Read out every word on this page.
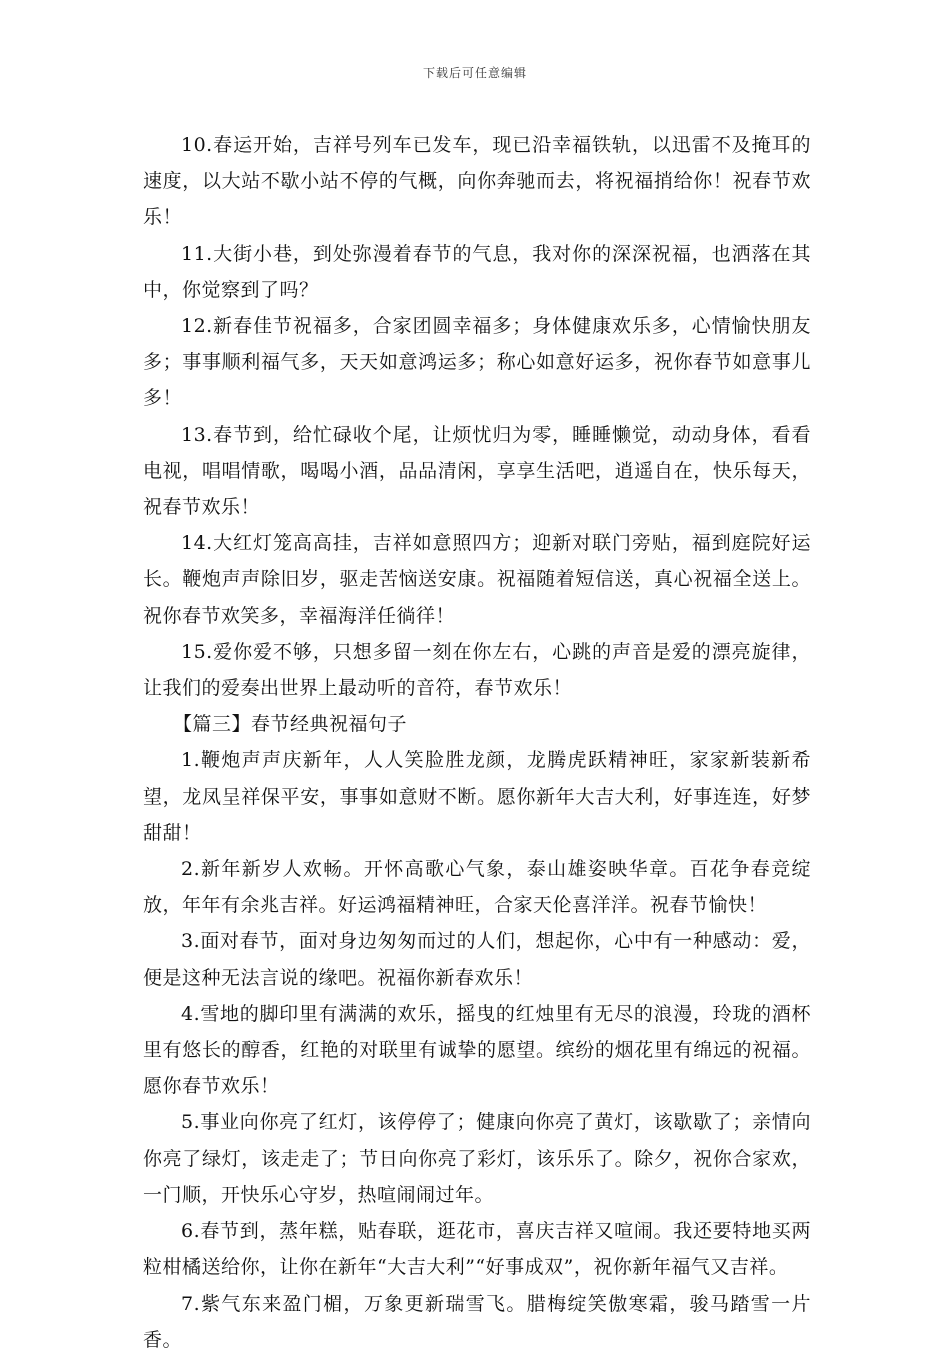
下载后可任意编辑

10.春运开始，吉祥号列车已发车，现已沿幸福铁轨，以迅雷不及掩耳的速度，以大站不歇小站不停的气概，向你奔驰而去，将祝福捎给你！祝春节欢乐！

11.大街小巷，到处弥漫着春节的气息，我对你的深深祝福，也洒落在其中，你觉察到了吗？

12.新春佳节祝福多，合家团圆幸福多；身体健康欢乐多，心情愉快朋友多；事事顺利福气多，天天如意鸿运多；称心如意好运多，祝你春节如意事儿多！

13.春节到，给忙碌收个尾，让烦忧归为零，睡睡懒觉，动动身体，看看电视，唱唱情歌，喝喝小酒，品品清闲，享享生活吧，逍遥自在，快乐每天，祝春节欢乐！

14.大红灯笼高高挂，吉祥如意照四方；迎新对联门旁贴，福到庭院好运长。鞭炮声声除旧岁，驱走苦恼送安康。祝福随着短信送，真心祝福全送上。祝你春节欢笑多，幸福海洋任徜徉！

15.爱你爱不够，只想多留一刻在你左右，心跳的声音是爱的漂亮旋律，让我们的爱奏出世界上最动听的音符，春节欢乐！

【篇三】春节经典祝福句子

1.鞭炮声声庆新年，人人笑脸胜龙颜，龙腾虎跃精神旺，家家新装新希望，龙凤呈祥保平安，事事如意财不断。愿你新年大吉大利，好事连连，好梦甜甜！

2.新年新岁人欢畅。开怀高歌心气象，泰山雄姿映华章。百花争春竞绽放，年年有余兆吉祥。好运鸿福精神旺，合家天伦喜洋洋。祝春节愉快！

3.面对春节，面对身边匆匆而过的人们，想起你，心中有一种感动：爱，便是这种无法言说的缘吧。祝福你新春欢乐！

4.雪地的脚印里有满满的欢乐，摇曳的红烛里有无尽的浪漫，玲珑的酒杯里有悠长的醇香，红艳的对联里有诚挚的愿望。缤纷的烟花里有绵远的祝福。愿你春节欢乐！

5.事业向你亮了红灯，该停停了；健康向你亮了黄灯，该歇歇了；亲情向你亮了绿灯，该走走了；节日向你亮了彩灯，该乐乐了。除夕，祝你合家欢，一门顺，开快乐心守岁，热喧闹闹过年。

6.春节到，蒸年糕，贴春联，逛花市，喜庆吉祥又喧闹。我还要特地买两粒柑橘送给你，让你在新年“大吉大利”“好事成双”，祝你新年福气又吉祥。

7.紫气东来盈门楣，万象更新瑞雪飞。腊梅绽笑傲寒霜，骏马踏雪一片香。
